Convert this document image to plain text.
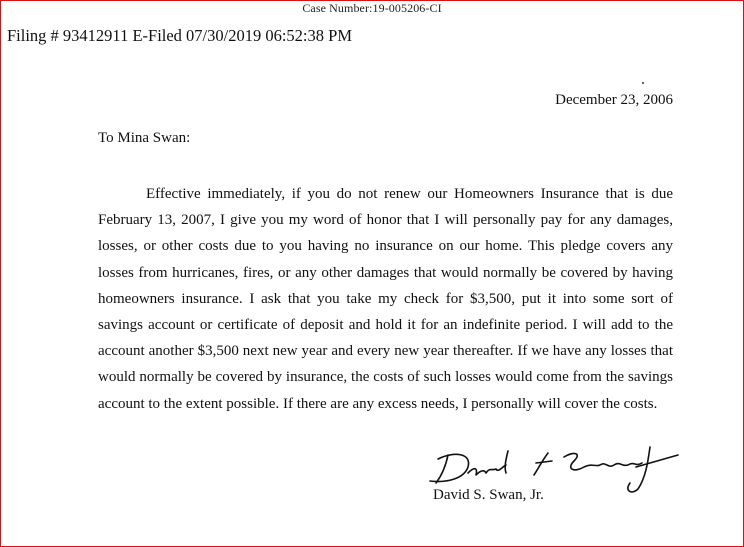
Case Number:19-005206-CI
Filing # 93412911 E-Filed 07/30/2019 06:52:38 PM
December 23, 2006
To Mina Swan:
Effective immediately, if you do not renew our Homeowners Insurance that is due February 13, 2007, I give you my word of honor that I will personally pay for any damages, losses, or other costs due to you having no insurance on our home. This pledge covers any losses from hurricanes, fires, or any other damages that would normally be covered by having homeowners insurance. I ask that you take my check for $3,500, put it into some sort of savings account or certificate of deposit and hold it for an indefinite period. I will add to the account another $3,500 next new year and every new year thereafter. If we have any losses that would normally be covered by insurance, the costs of such losses would come from the savings account to the extent possible. If there are any excess needs, I personally will cover the costs.
David S. Swan, Jr.
